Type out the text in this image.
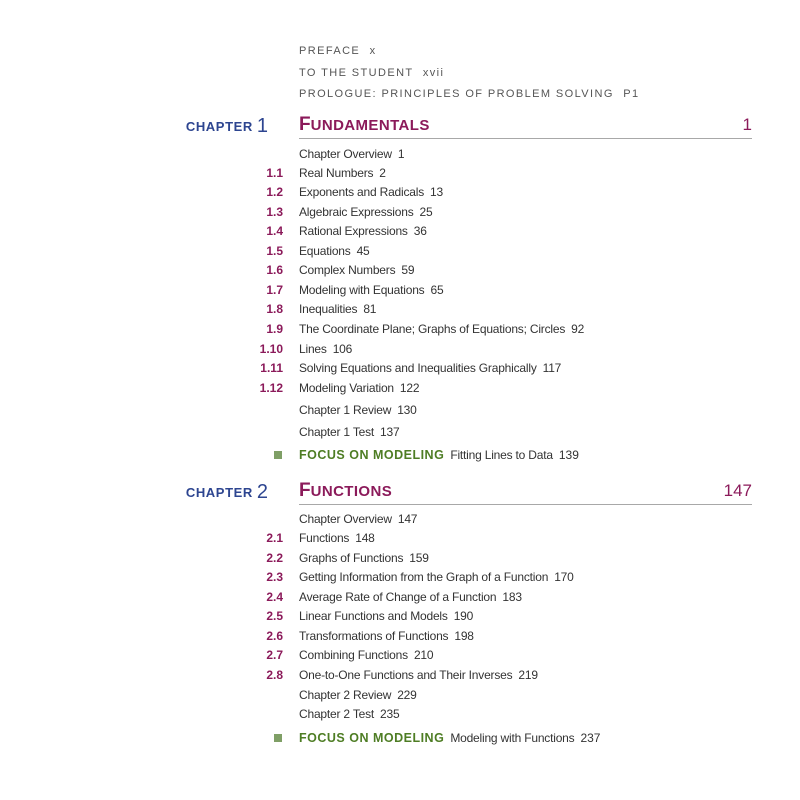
PREFACE x
TO THE STUDENT xvii
PROLOGUE: PRINCIPLES OF PROBLEM SOLVING P1
CHAPTER 1 FUNDAMENTALS	1
Chapter Overview 1
1.1 Real Numbers 2
1.2 Exponents and Radicals 13
1.3 Algebraic Expressions 25
1.4 Rational Expressions 36
1.5 Equations 45
1.6 Complex Numbers 59
1.7 Modeling with Equations 65
1.8 Inequalities 81
1.9 The Coordinate Plane; Graphs of Equations; Circles 92
1.10 Lines 106
1.11 Solving Equations and Inequalities Graphically 117
1.12 Modeling Variation 122
Chapter 1 Review 130
Chapter 1 Test 137
FOCUS ON MODELING Fitting Lines to Data 139
CHAPTER 2 FUNCTIONS	147
Chapter Overview 147
2.1 Functions 148
2.2 Graphs of Functions 159
2.3 Getting Information from the Graph of a Function 170
2.4 Average Rate of Change of a Function 183
2.5 Linear Functions and Models 190
2.6 Transformations of Functions 198
2.7 Combining Functions 210
2.8 One-to-One Functions and Their Inverses 219
Chapter 2 Review 229
Chapter 2 Test 235
FOCUS ON MODELING Modeling with Functions 237
